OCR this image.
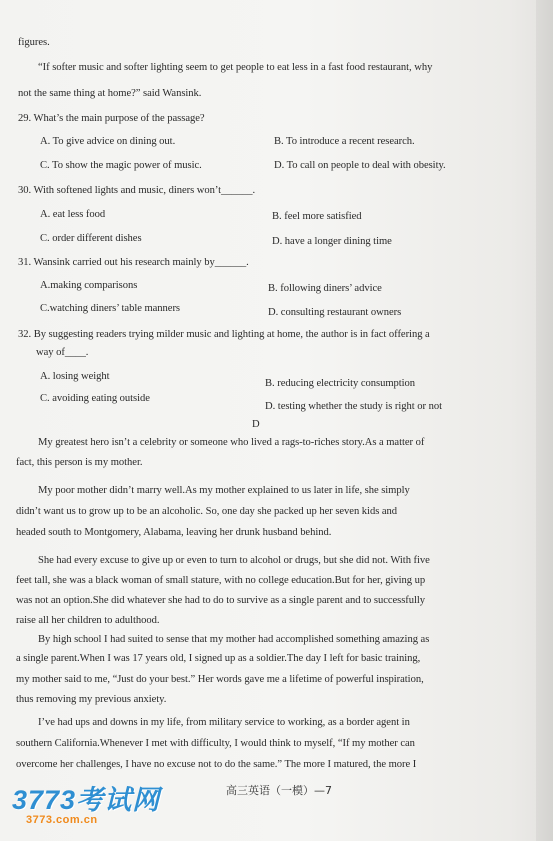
figures.
“If softer music and softer lighting seem to get people to eat less in a fast food restaurant, why
not the same thing at home?” said Wansink.
29. What’s the main purpose of the passage?
A. To give advice on dining out.	B. To introduce a recent research.
C. To show the magic power of music.	D. To call on people to deal with obesity.
30. With softened lights and music, diners won’t______.
A. eat less food	B. feel more satisfied
C. order different dishes	D. have a longer dining time
31. Wansink carried out his research mainly by______.
A.making comparisons	B. following diners’ advice
C.watching diners’ table manners	D. consulting restaurant owners
32. By suggesting readers trying milder music and lighting at home, the author is in fact offering a
way of____.
A. losing weight
B. reducing electricity consumption
C. avoiding eating outside
D. testing whether the study is right or not
D
My greatest hero isn’t a celebrity or someone who lived a rags-to-riches story.As a matter of
fact, this person is my mother.
My poor mother didn’t marry well.As my mother explained to us later in life, she simply
didn’t want us to grow up to be an alcoholic. So, one day she packed up her seven kids and
headed south to Montgomery, Alabama, leaving her drunk husband behind.
She had every excuse to give up or even to turn to alcohol or drugs, but she did not. With five
feet tall, she was a black woman of small stature, with no college education.But for her, giving up
was not an option.She did whatever she had to do to survive as a single parent and to successfully
raise all her children to adulthood.
By high school I had suited to sense that my mother had accomplished something amazing as
a single parent.When I was 17 years old, I signed up as a soldier.The day I left for basic training,
my mother said to me, “Just do your best.” Her words gave me a lifetime of powerful inspiration,
thus removing my previous anxiety.
I’ve had ups and downs in my life, from military service to working, as a border agent in
southern California.Whenever I met with difficulty, I would think to myself, “If my mother can
overcome her challenges, I have no excuse not to do the same.” The more I matured, the more I
高三英语（一模）—7
3773考试网
3773.com.cn
